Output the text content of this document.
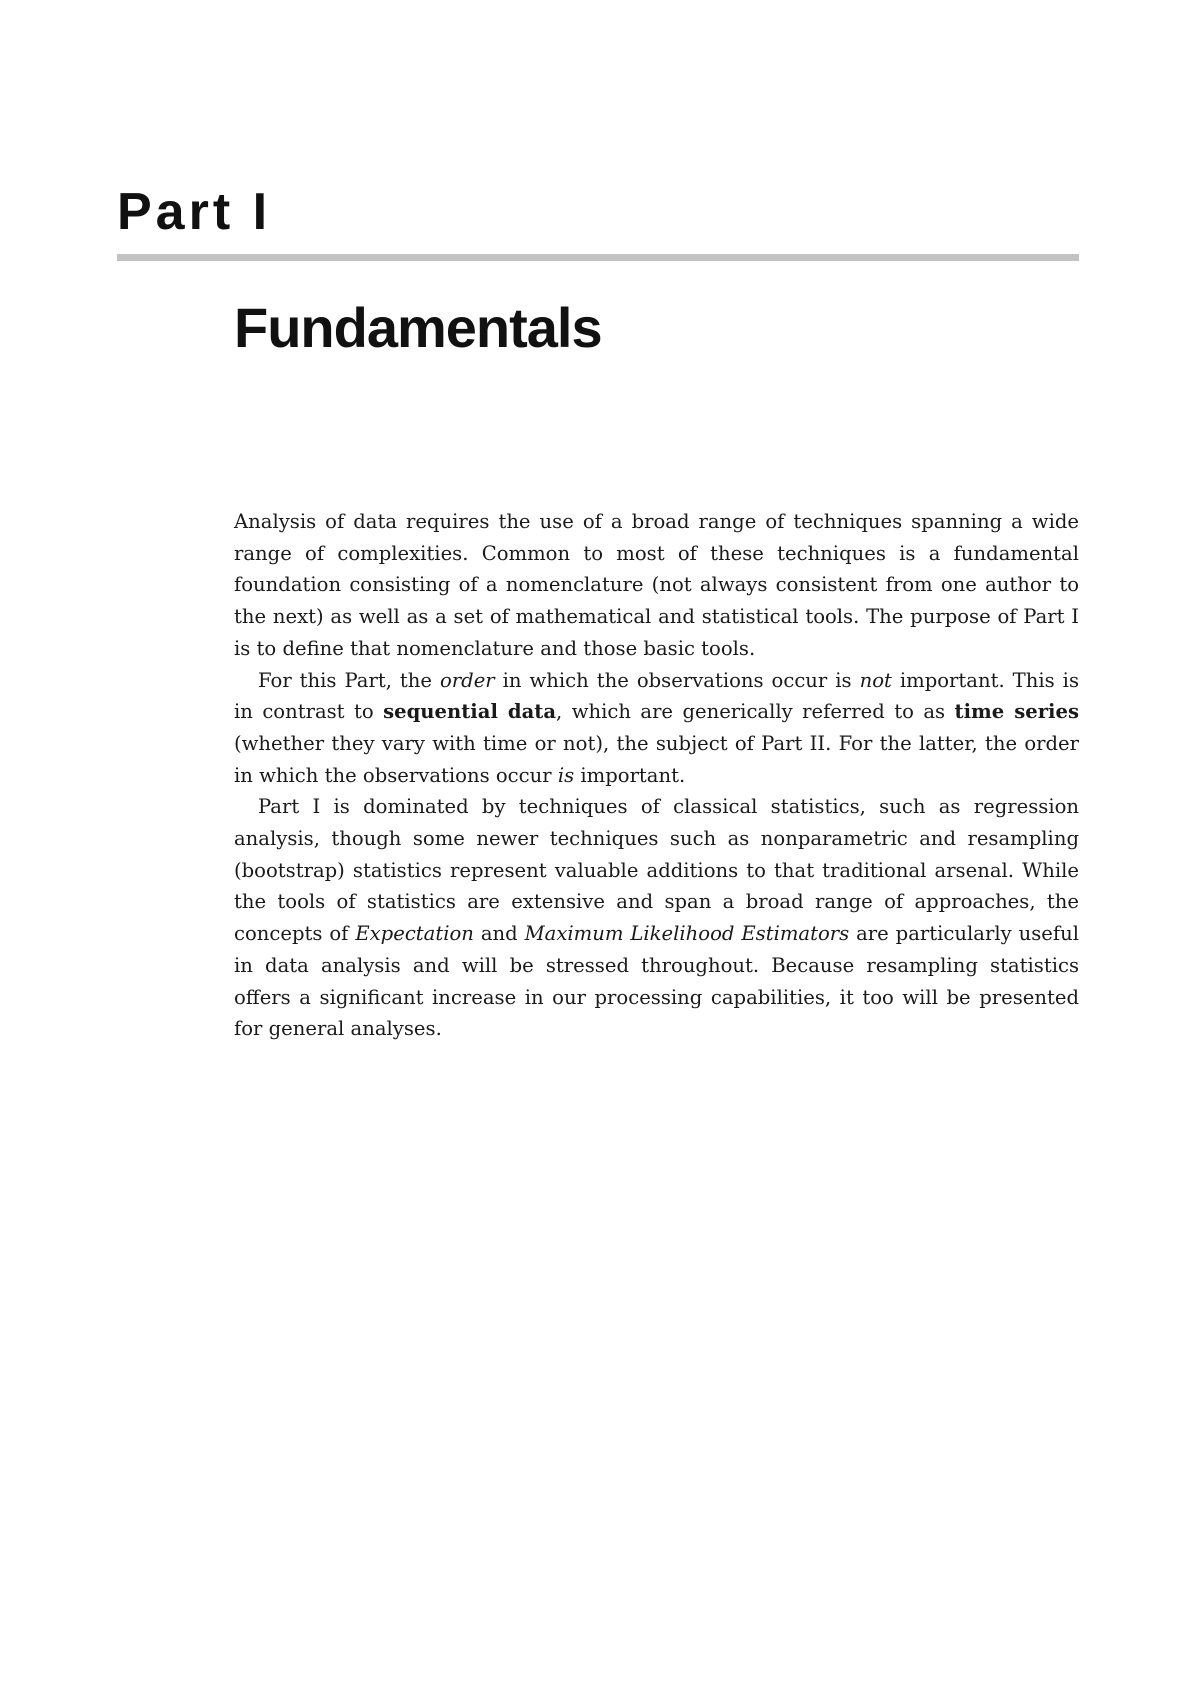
Part I
Fundamentals

Analysis of data requires the use of a broad range of techniques spanning a wide range of complexities. Common to most of these techniques is a fundamental foundation consisting of a nomenclature (not always consistent from one author to the next) as well as a set of mathematical and statistical tools. The purpose of Part I is to define that nomenclature and those basic tools.

For this Part, the order in which the observations occur is not important. This is in contrast to sequential data, which are generically referred to as time series (whether they vary with time or not), the subject of Part II. For the latter, the order in which the observations occur is important.

Part I is dominated by techniques of classical statistics, such as regression analysis, though some newer techniques such as nonparametric and resampling (bootstrap) statistics represent valuable additions to that traditional arsenal. While the tools of statistics are extensive and span a broad range of approaches, the concepts of Expectation and Maximum Likelihood Estimators are particularly useful in data analysis and will be stressed throughout. Because resampling statistics offers a significant increase in our processing capabilities, it too will be presented for general analyses.
